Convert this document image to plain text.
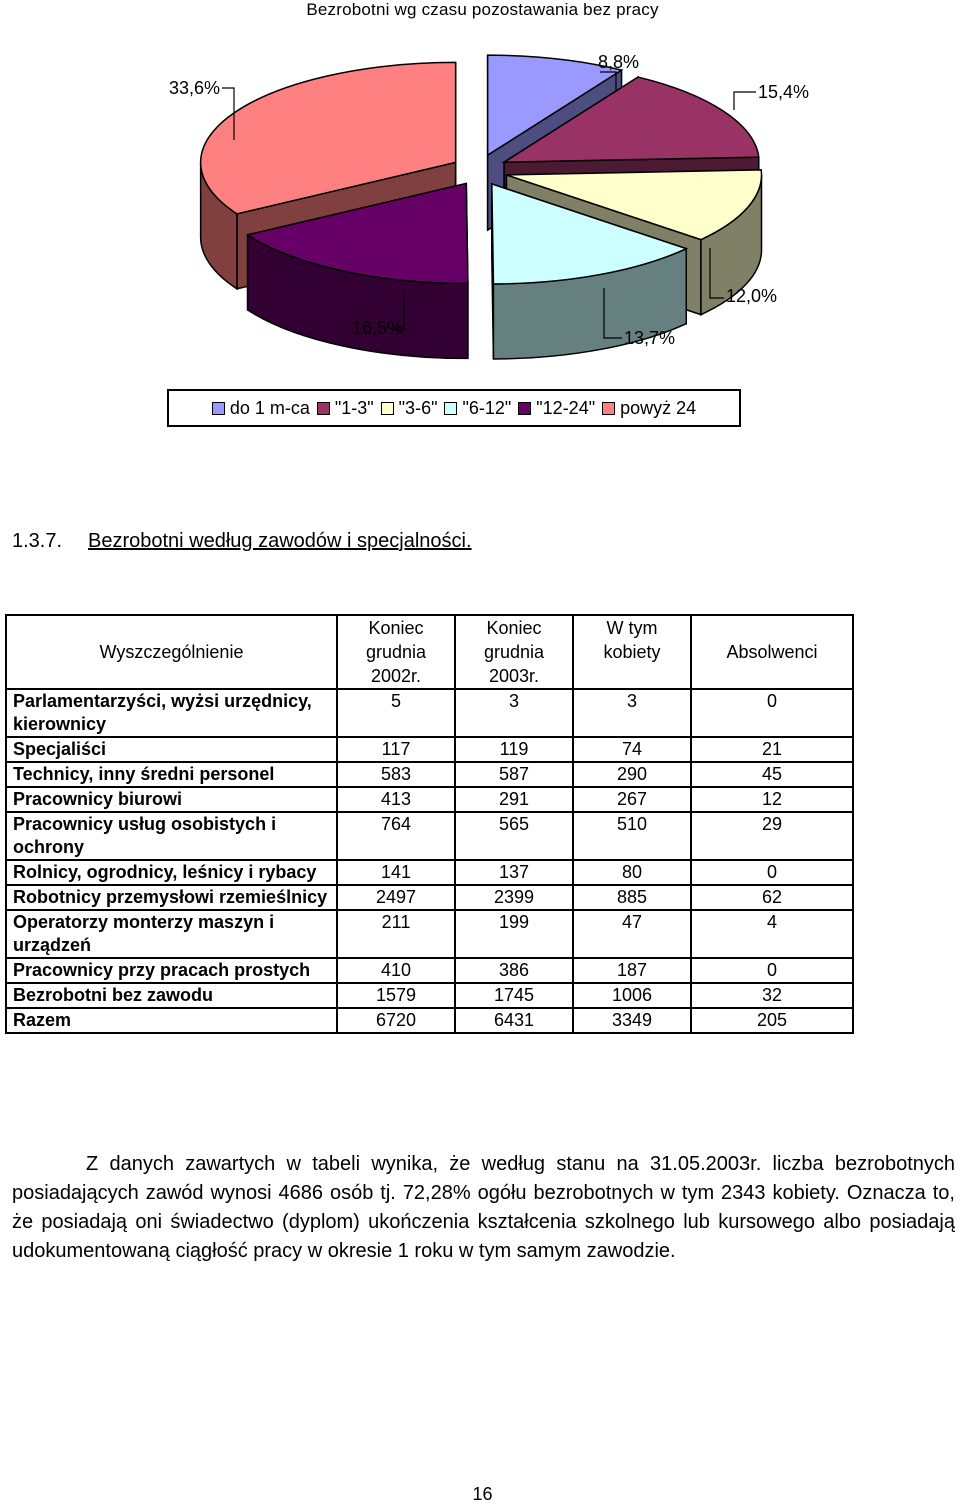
Bezrobotni wg czasu pozostawania bez pracy
8,8%
15,4%
12,0%
13,7%
16,5%
33,6%
do 1 m-ca "1-3" "3-6" "6-12" "12-24" powyż 24
1.3.7. Bezrobotni według zawodów i specjalności.
Wyszczególnienie	Koniec grudnia 2002r.	Koniec grudnia 2003r.	W tym kobiety	Absolwenci
Parlamentarzyści, wyżsi urzędnicy, kierownicy	5	3	3	0
Specjaliści	117	119	74	21
Technicy, inny średni personel	583	587	290	45
Pracownicy biurowi	413	291	267	12
Pracownicy usług osobistych i ochrony	764	565	510	29
Rolnicy, ogrodnicy, leśnicy i rybacy	141	137	80	0
Robotnicy przemysłowi rzemieślnicy	2497	2399	885	62
Operatorzy monterzy maszyn i urządzeń	211	199	47	4
Pracownicy przy pracach prostych	410	386	187	0
Bezrobotni bez zawodu	1579	1745	1006	32
Razem	6720	6431	3349	205
Z danych zawartych w tabeli wynika, że według stanu na 31.05.2003r. liczba bezrobotnych posiadających zawód wynosi 4686 osób tj. 72,28% ogółu bezrobotnych w tym 2343 kobiety. Oznacza to, że posiadają oni świadectwo (dyplom) ukończenia kształcenia szkolnego lub kursowego albo posiadają udokumentowaną ciągłość pracy w okresie 1 roku w tym samym zawodzie.
16
